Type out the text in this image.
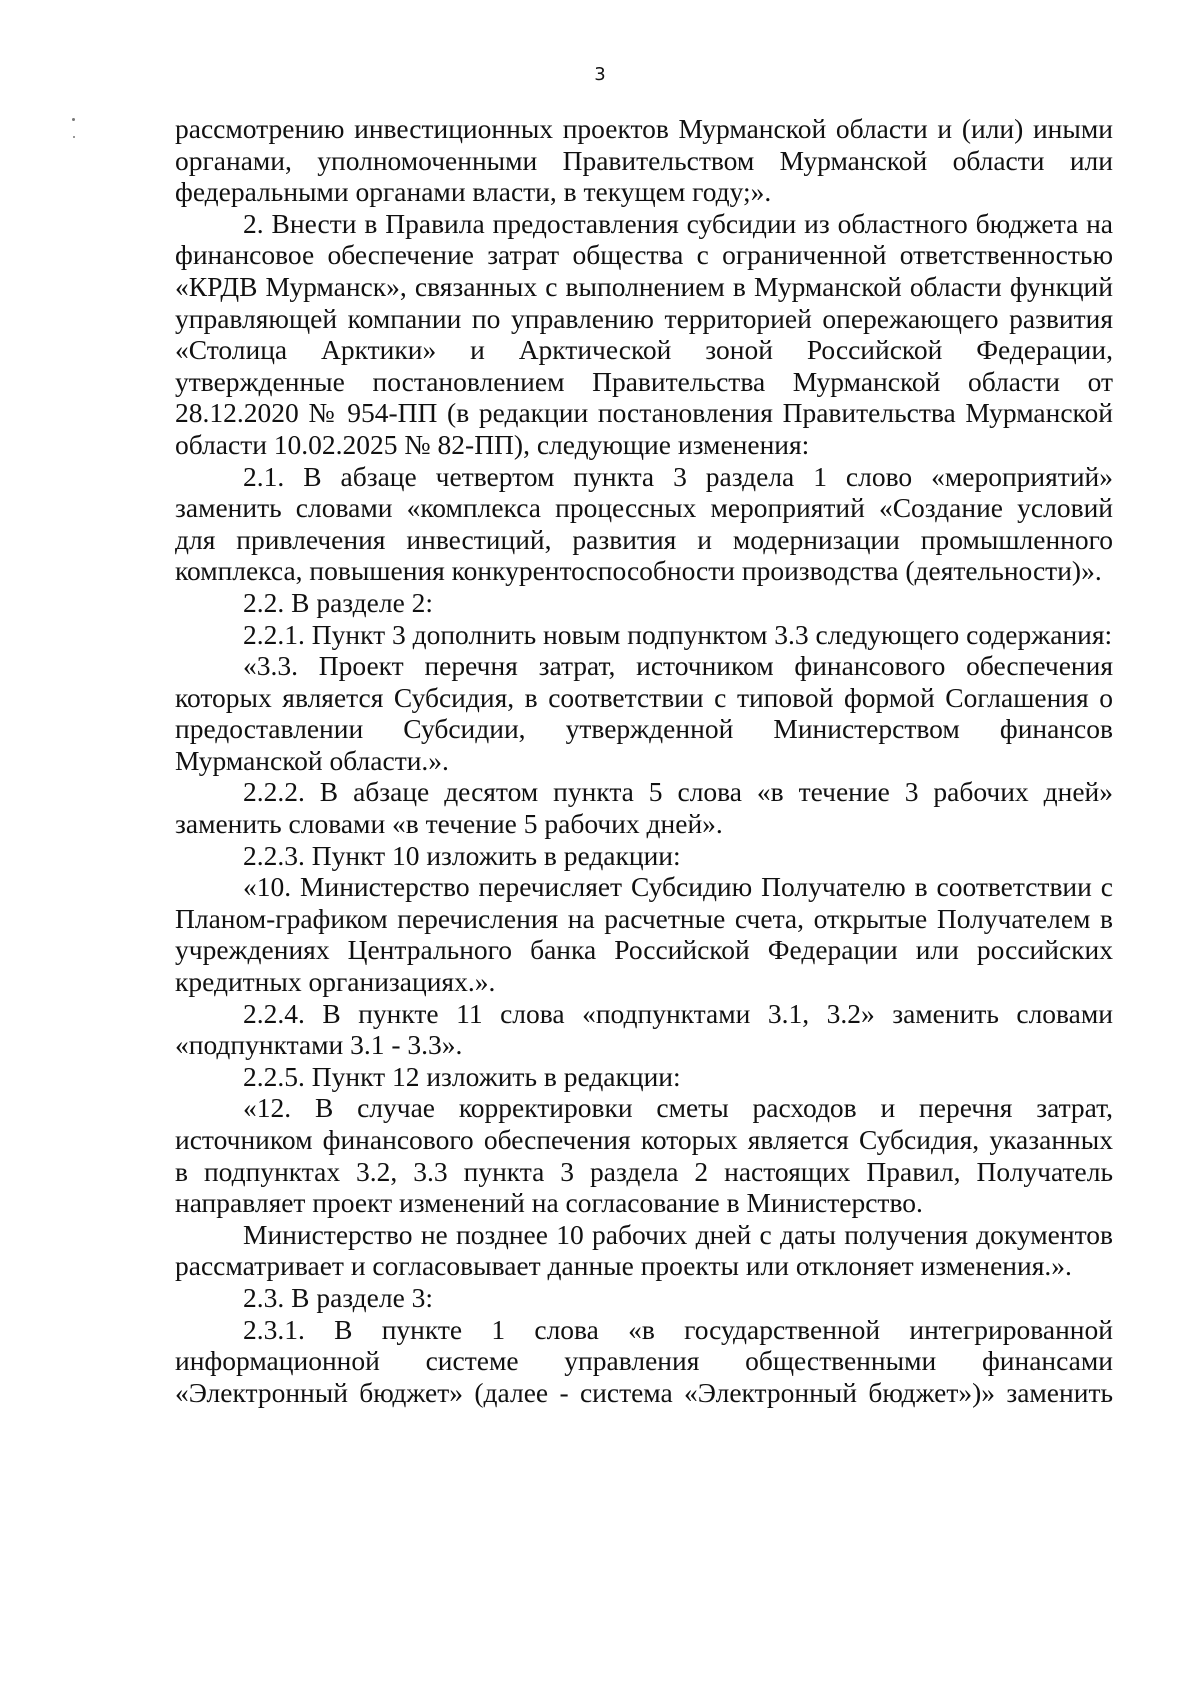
3

рассмотрению инвестиционных проектов Мурманской области и (или) иными органами, уполномоченными Правительством Мурманской области или федеральными органами власти, в текущем году;».

2. Внести в Правила предоставления субсидии из областного бюджета на финансовое обеспечение затрат общества с ограниченной ответственностью «КРДВ Мурманск», связанных с выполнением в Мурманской области функций управляющей компании по управлению территорией опережающего развития «Столица Арктики» и Арктической зоной Российской Федерации, утвержденные постановлением Правительства Мурманской области от 28.12.2020 № 954-ПП (в редакции постановления Правительства Мурманской области 10.02.2025 № 82-ПП), следующие изменения:

2.1. В абзаце четвертом пункта 3 раздела 1 слово «мероприятий» заменить словами «комплекса процессных мероприятий «Создание условий для привлечения инвестиций, развития и модернизации промышленного комплекса, повышения конкурентоспособности производства (деятельности)».

2.2. В разделе 2:

2.2.1. Пункт 3 дополнить новым подпунктом 3.3 следующего содержания:

«3.3. Проект перечня затрат, источником финансового обеспечения которых является Субсидия, в соответствии с типовой формой Соглашения о предоставлении Субсидии, утвержденной Министерством финансов Мурманской области.».

2.2.2. В абзаце десятом пункта 5 слова «в течение 3 рабочих дней» заменить словами «в течение 5 рабочих дней».

2.2.3. Пункт 10 изложить в редакции:

«10. Министерство перечисляет Субсидию Получателю в соответствии с Планом-графиком перечисления на расчетные счета, открытые Получателем в учреждениях Центрального банка Российской Федерации или российских кредитных организациях.».

2.2.4. В пункте 11 слова «подпунктами 3.1, 3.2» заменить словами «подпунктами 3.1 - 3.3».

2.2.5. Пункт 12 изложить в редакции:

«12. В случае корректировки сметы расходов и перечня затрат, источником финансового обеспечения которых является Субсидия, указанных в подпунктах 3.2, 3.3 пункта 3 раздела 2 настоящих Правил, Получатель направляет проект изменений на согласование в Министерство.

Министерство не позднее 10 рабочих дней с даты получения документов рассматривает и согласовывает данные проекты или отклоняет изменения.».

2.3. В разделе 3:

2.3.1. В пункте 1 слова «в государственной интегрированной информационной системе управления общественными финансами «Электронный бюджет» (далее - система «Электронный бюджет»)» заменить
